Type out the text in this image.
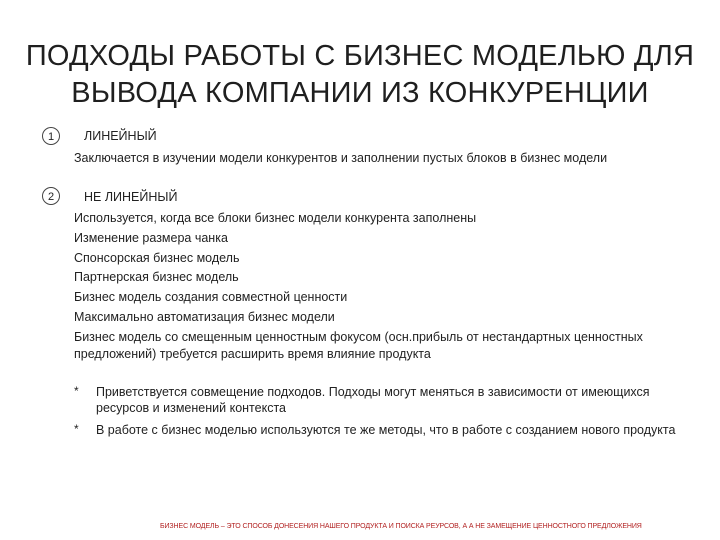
ПОДХОДЫ РАБОТЫ С БИЗНЕС МОДЕЛЬЮ ДЛЯ
ВЫВОДА КОМПАНИИ ИЗ КОНКУРЕНЦИИ
1	ЛИНЕЙНЫЙ
Заключается в изучении модели конкурентов и заполнении пустых блоков в бизнес модели
2	НЕ ЛИНЕЙНЫЙ
Используется, когда все блоки бизнес модели конкурента заполнены
Изменение размера чанка
Спонсорская бизнес модель
Партнерская бизнес модель
Бизнес модель создания совместной ценности
Максимально автоматизация бизнес модели
Бизнес модель со смещенным ценностным фокусом (осн.прибыль от нестандартных ценностных предложений) требуется расширить время влияние продукта
* Приветствуется совмещение подходов. Подходы могут меняться в зависимости от имеющихся ресурсов и изменений контекста
* В работе с бизнес моделью используются те же методы, что в работе с созданием нового продукта
БИЗНЕС МОДЕЛЬ – ЭТО СПОСОБ ДОНЕСЕНИЯ НАШЕГО ПРОДУКТА И ПОИСКА РЕУРСОВ, А А НЕ ЗАМЕЩЕНИЕ ЦЕННОСТНОГО ПРЕДЛОЖЕНИЯ
